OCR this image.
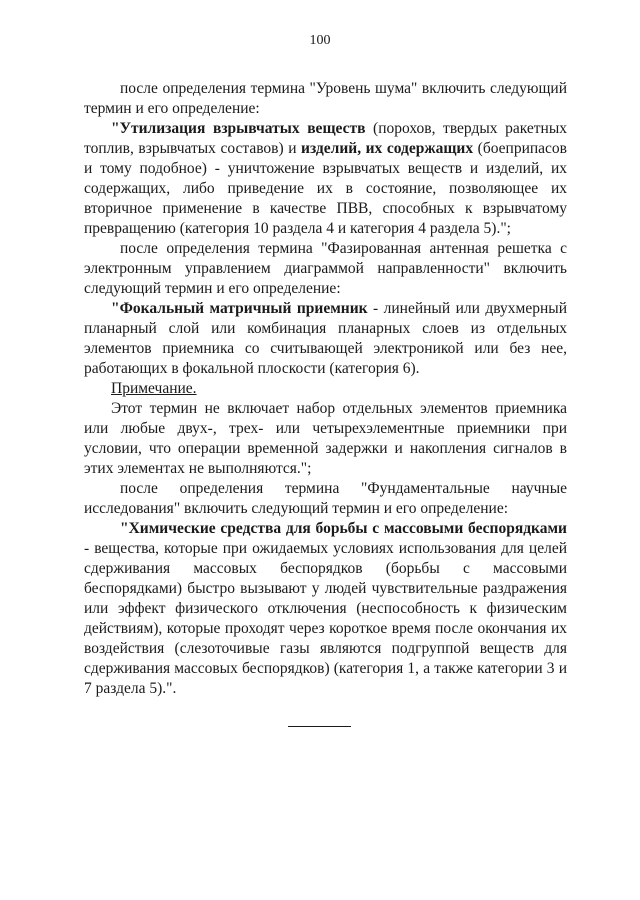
100

после определения термина "Уровень шума" включить следующий термин и его определение:

"Утилизация взрывчатых веществ (порохов, твердых ракетных топлив, взрывчатых составов) и изделий, их содержащих (боеприпасов и тому подобное) - уничтожение взрывчатых веществ и изделий, их содержащих, либо приведение их в состояние, позволяющее их вторичное применение в качестве ПВВ, способных к взрывчатому превращению (категория 10 раздела 4 и категория 4 раздела 5).";

после определения термина "Фазированная антенная решетка с электронным управлением диаграммой направленности" включить следующий термин и его определение:

"Фокальный матричный приемник - линейный или двухмерный планарный слой или комбинация планарных слоев из отдельных элементов приемника со считывающей электроникой или без нее, работающих в фокальной плоскости (категория 6).

Примечание.

Этот термин не включает набор отдельных элементов приемника или любые двух-, трех- или четырехэлементные приемники при условии, что операции временной задержки и накопления сигналов в этих элементах не выполняются.";

после определения термина "Фундаментальные научные исследования" включить следующий термин и его определение:

"Химические средства для борьбы с массовыми беспорядками - вещества, которые при ожидаемых условиях использования для целей сдерживания массовых беспорядков (борьбы с массовыми беспорядками) быстро вызывают у людей чувствительные раздражения или эффект физического отключения (неспособность к физическим действиям), которые проходят через короткое время после окончания их воздействия (слезоточивые газы являются подгруппой веществ для сдерживания массовых беспорядков) (категория 1, а также категории 3 и 7 раздела 5).".
